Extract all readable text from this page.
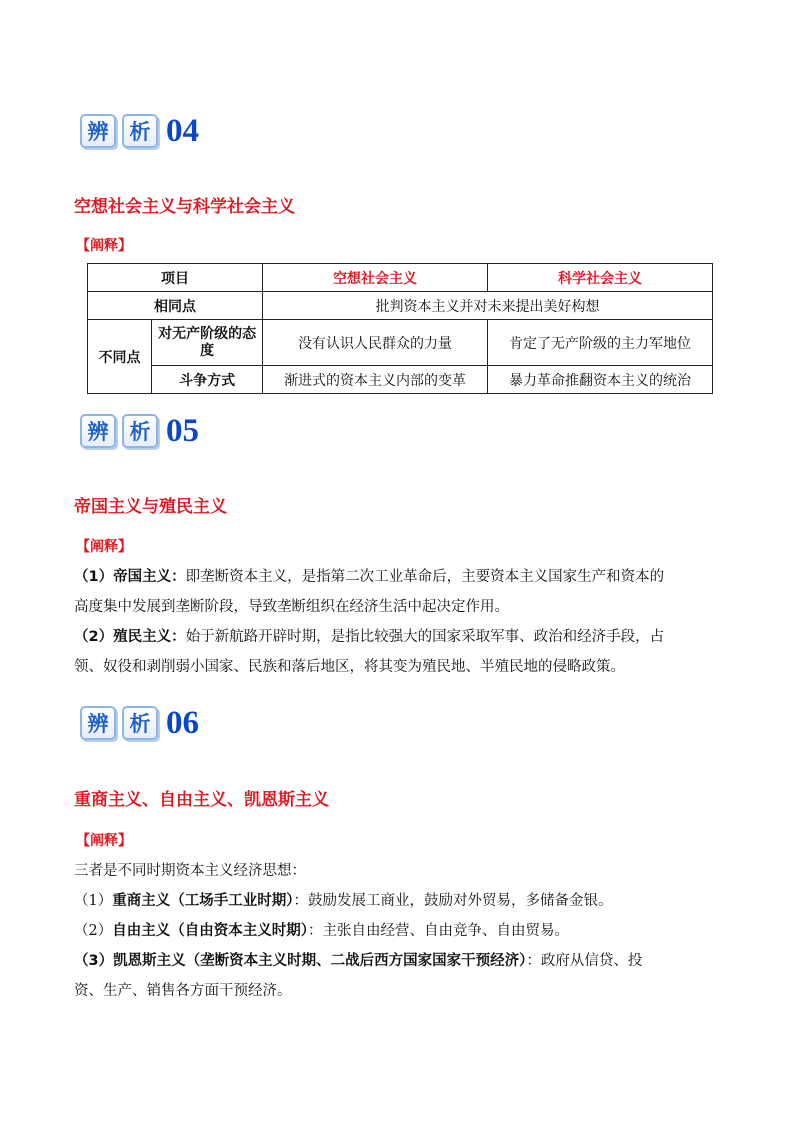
辨	析 04
空想社会主义与科学社会主义
【阐释】
项目		空想社会主义	科学社会主义
相同点		批判资本主义并对未来提出美好构想	
不同点	对无产阶级的态度	没有认识人民群众的力量	肯定了无产阶级的主力军地位
	斗争方式	渐进式的资本主义内部的变革	暴力革命推翻资本主义的统治
辨	析 05
帝国主义与殖民主义
【阐释】
（1）帝国主义：即垄断资本主义，是指第二次工业革命后，主要资本主义国家生产和资本的
高度集中发展到垄断阶段，导致垄断组织在经济生活中起决定作用。
（2）殖民主义：始于新航路开辟时期，是指比较强大的国家采取军事、政治和经济手段，占
领、奴役和剥削弱小国家、民族和落后地区，将其变为殖民地、半殖民地的侵略政策。
辨	析 06
重商主义、自由主义、凯恩斯主义
【阐释】
三者是不同时期资本主义经济思想：
（1）重商主义（工场手工业时期）：鼓励发展工商业，鼓励对外贸易，多储备金银。
（2）自由主义（自由资本主义时期）：主张自由经营、自由竞争、自由贸易。
（3）凯恩斯主义（垄断资本主义时期、二战后西方国家国家干预经济）：政府从信贷、投
资、生产、销售各方面干预经济。
